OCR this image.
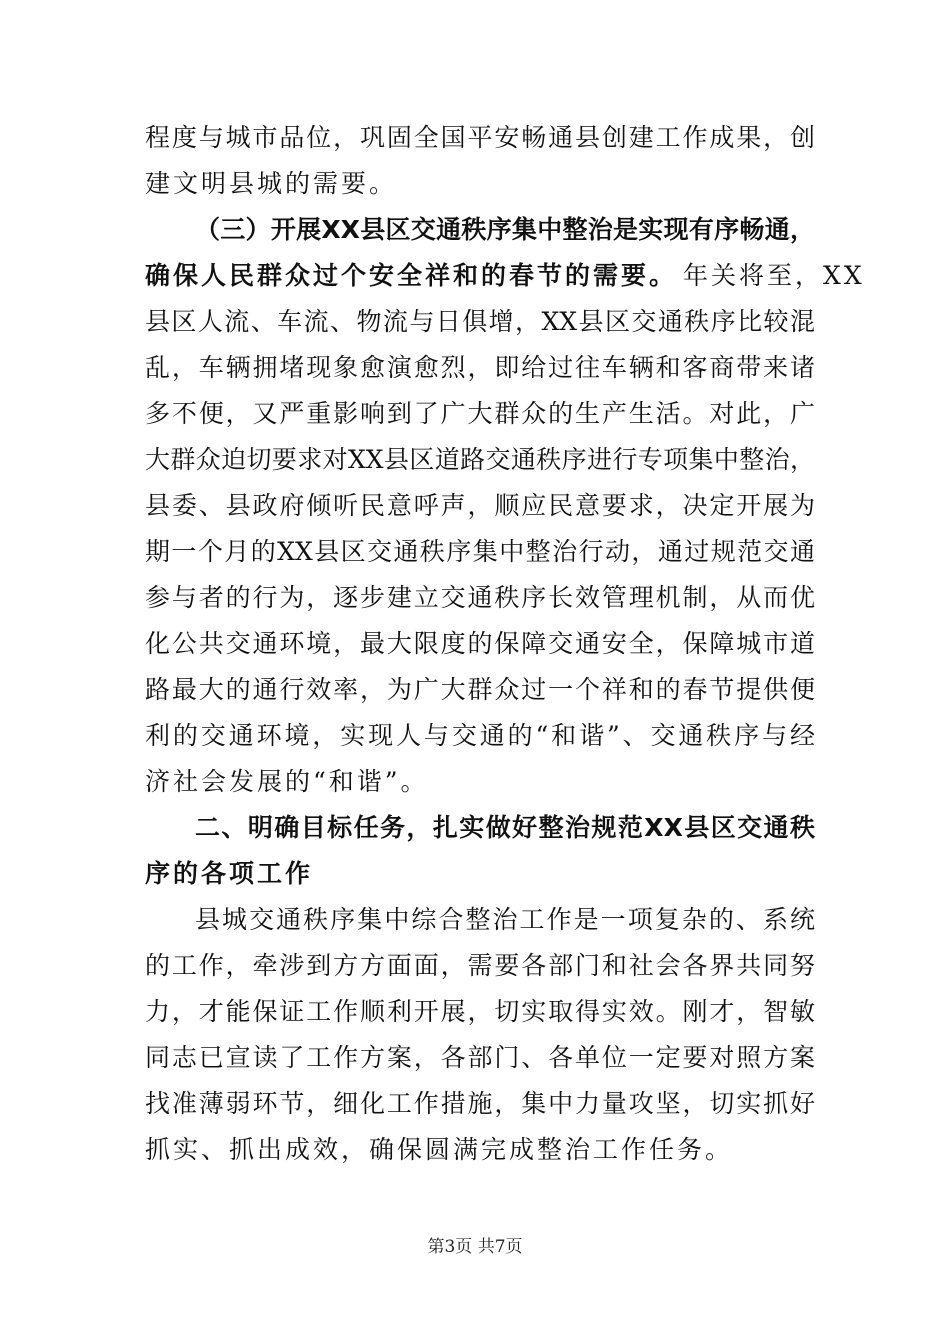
程度与城市品位，巩固全国平安畅通县创建工作成果，创
建文明县城的需要。
（三）开展XX县区交通秩序集中整治是实现有序畅通，
确保人民群众过个安全祥和的春节的需要。 年关将至，XX
县区人流、车流、物流与日俱增，XX县区交通秩序比较混
乱，车辆拥堵现象愈演愈烈，即给过往车辆和客商带来诸
多不便，又严重影响到了广大群众的生产生活。对此，广
大群众迫切要求对XX县区道路交通秩序进行专项集中整治，
县委、县政府倾听民意呼声，顺应民意要求，决定开展为
期一个月的XX县区交通秩序集中整治行动，通过规范交通
参与者的行为，逐步建立交通秩序长效管理机制，从而优
化公共交通环境，最大限度的保障交通安全，保障城市道
路最大的通行效率，为广大群众过一个祥和的春节提供便
利的交通环境，实现人与交通的“和谐”、交通秩序与经
济社会发展的“和谐”。
二、明确目标任务，扎实做好整治规范XX县区交通秩
序的各项工作
县城交通秩序集中综合整治工作是一项复杂的、系统
的工作，牵涉到方方面面，需要各部门和社会各界共同努
力，才能保证工作顺利开展，切实取得实效。刚才，智敏
同志已宣读了工作方案，各部门、各单位一定要对照方案
找准薄弱环节，细化工作措施，集中力量攻坚，切实抓好
抓实、抓出成效，确保圆满完成整治工作任务。
第3页 共7页
